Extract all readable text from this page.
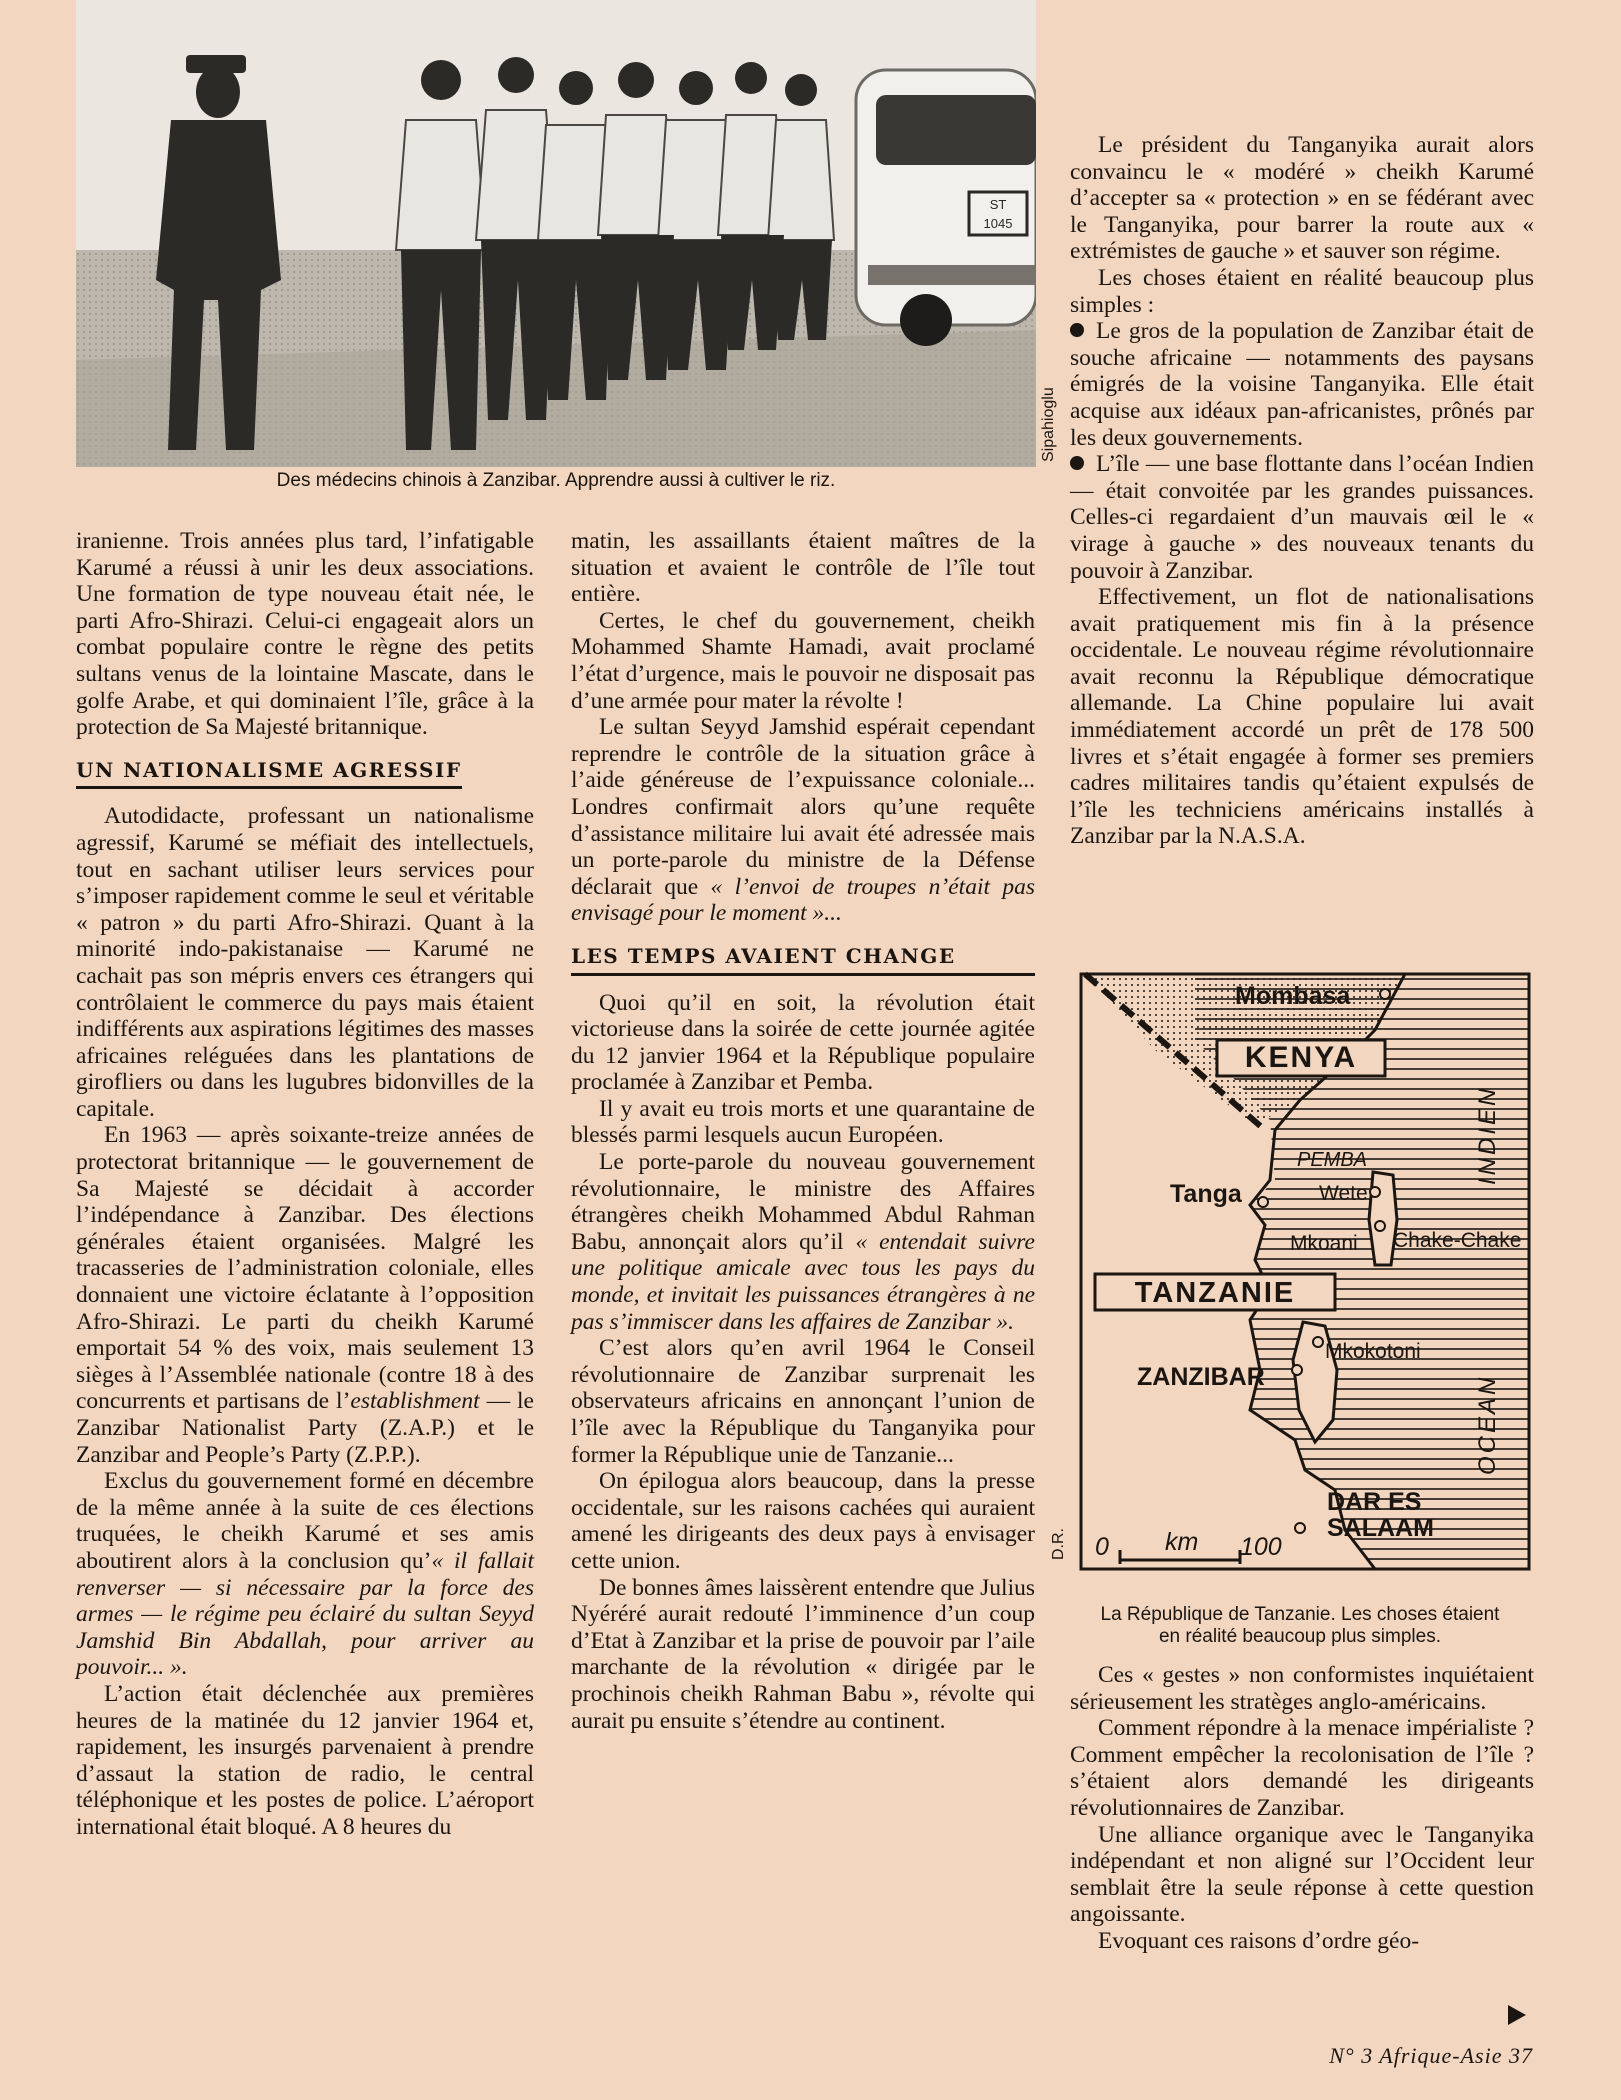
ST
1045
Sipahioglu
Des médecins chinois à Zanzibar. Apprendre aussi à cultiver le riz.

iranienne. Trois années plus tard, l’infatigable Karumé a réussi à unir les deux associations. Une formation de type nouveau était née, le parti Afro-Shirazi. Celui-ci engageait alors un combat populaire contre le règne des petits sultans venus de la lointaine Mascate, dans le golfe Arabe, et qui dominaient l’île, grâce à la protection de Sa Majesté britannique.

UN NATIONALISME AGRESSIF

Autodidacte, professant un nationalisme agressif, Karumé se méfiait des intellectuels, tout en sachant utiliser leurs services pour s’imposer rapidement comme le seul et véritable « patron » du parti Afro-Shirazi. Quant à la minorité indo-pakistanaise — Karumé ne cachait pas son mépris envers ces étrangers qui contrôlaient le commerce du pays mais étaient indifférents aux aspirations légitimes des masses africaines reléguées dans les plantations de girofliers ou dans les lugubres bidonvilles de la capitale.

En 1963 — après soixante-treize années de protectorat britannique — le gouvernement de Sa Majesté se décidait à accorder l’indépendance à Zanzibar. Des élections générales étaient organisées. Malgré les tracasseries de l’administration coloniale, elles donnaient une victoire éclatante à l’opposition Afro-Shirazi. Le parti du cheikh Karumé emportait 54 % des voix, mais seulement 13 sièges à l’Assemblée nationale (contre 18 à des concurrents et partisans de l’establishment — le Zanzibar Nationalist Party (Z.A.P.) et le Zanzibar and People’s Party (Z.P.P.).

Exclus du gouvernement formé en décembre de la même année à la suite de ces élections truquées, le cheikh Karumé et ses amis aboutirent alors à la conclusion qu’« il fallait renverser — si nécessaire par la force des armes — le régime peu éclairé du sultan Seyyd Jamshid Bin Abdallah, pour arriver au pouvoir... ».

L’action était déclenchée aux premières heures de la matinée du 12 janvier 1964 et, rapidement, les insurgés parvenaient à prendre d’assaut la station de radio, le central téléphonique et les postes de police. L’aéroport international était bloqué. A 8 heures du

matin, les assaillants étaient maîtres de la situation et avaient le contrôle de l’île tout entière.

Certes, le chef du gouvernement, cheikh Mohammed Shamte Hamadi, avait proclamé l’état d’urgence, mais le pouvoir ne disposait pas d’une armée pour mater la révolte !

Le sultan Seyyd Jamshid espérait cependant reprendre le contrôle de la situation grâce à l’aide généreuse de l’expuissance coloniale... Londres confirmait alors qu’une requête d’assistance militaire lui avait été adressée mais un porte-parole du ministre de la Défense déclarait que « l’envoi de troupes n’était pas envisagé pour le moment »...

LES TEMPS AVAIENT CHANGE

Quoi qu’il en soit, la révolution était victorieuse dans la soirée de cette journée agitée du 12 janvier 1964 et la République populaire proclamée à Zanzibar et Pemba.

Il y avait eu trois morts et une quarantaine de blessés parmi lesquels aucun Européen.

Le porte-parole du nouveau gouvernement révolutionnaire, le ministre des Affaires étrangères cheikh Mohammed Abdul Rahman Babu, annonçait alors qu’il « entendait suivre une politique amicale avec tous les pays du monde, et invitait les puissances étrangères à ne pas s’immiscer dans les affaires de Zanzibar ».

C’est alors qu’en avril 1964 le Conseil révolutionnaire de Zanzibar surprenait les observateurs africains en annonçant l’union de l’île avec la République du Tanganyika pour former la République unie de Tanzanie...

On épilogua alors beaucoup, dans la presse occidentale, sur les raisons cachées qui auraient amené les dirigeants des deux pays à envisager cette union.

De bonnes âmes laissèrent entendre que Julius Nyéréré aurait redouté l’imminence d’un coup d’Etat à Zanzibar et la prise de pouvoir par l’aile marchante de la révolution « dirigée par le prochinois cheikh Rahman Babu », révolte qui aurait pu ensuite s’étendre au continent.

Le président du Tanganyika aurait alors convaincu le « modéré » cheikh Karumé d’accepter sa « protection » en se fédérant avec le Tanganyika, pour barrer la route aux « extrémistes de gauche » et sauver son régime.

Les choses étaient en réalité beaucoup plus simples :

Le gros de la population de Zanzibar était de souche africaine — notamments des paysans émigrés de la voisine Tanganyika. Elle était acquise aux idéaux pan-africanistes, prônés par les deux gouvernements.

L’île — une base flottante dans l’océan Indien — était convoitée par les grandes puissances. Celles-ci regardaient d’un mauvais œil le « virage à gauche » des nouveaux tenants du pouvoir à Zanzibar.

Effectivement, un flot de nationalisations avait pratiquement mis fin à la présence occidentale. Le nouveau régime révolutionnaire avait reconnu la République démocratique allemande. La Chine populaire lui avait immédiatement accordé un prêt de 178 500 livres et s’était engagée à former ses premiers cadres militaires tandis qu’étaient expulsés de l’île les techniciens américains installés à Zanzibar par la N.A.S.A.

Mombasa
KENYA
PEMBA
Tanga	Wete
Mkoani Chake-Chake
TANZANIE
ZANZIBAR
Mkokotoni
DAR ES
SALAAM
INDIEN
OCEAN
0 km 100
D.R.
La République de Tanzanie. Les choses étaient
en réalité beaucoup plus simples.

Ces « gestes » non conformistes inquiétaient sérieusement les stratèges anglo-américains.

Comment répondre à la menace impérialiste ? Comment empêcher la recolonisation de l’île ? s’étaient alors demandé les dirigeants révolutionnaires de Zanzibar.

Une alliance organique avec le Tanganyika indépendant et non aligné sur l’Occident leur semblait être la seule réponse à cette question angoissante.

Evoquant ces raisons d’ordre géo-

N° 3 Afrique-Asie 37
